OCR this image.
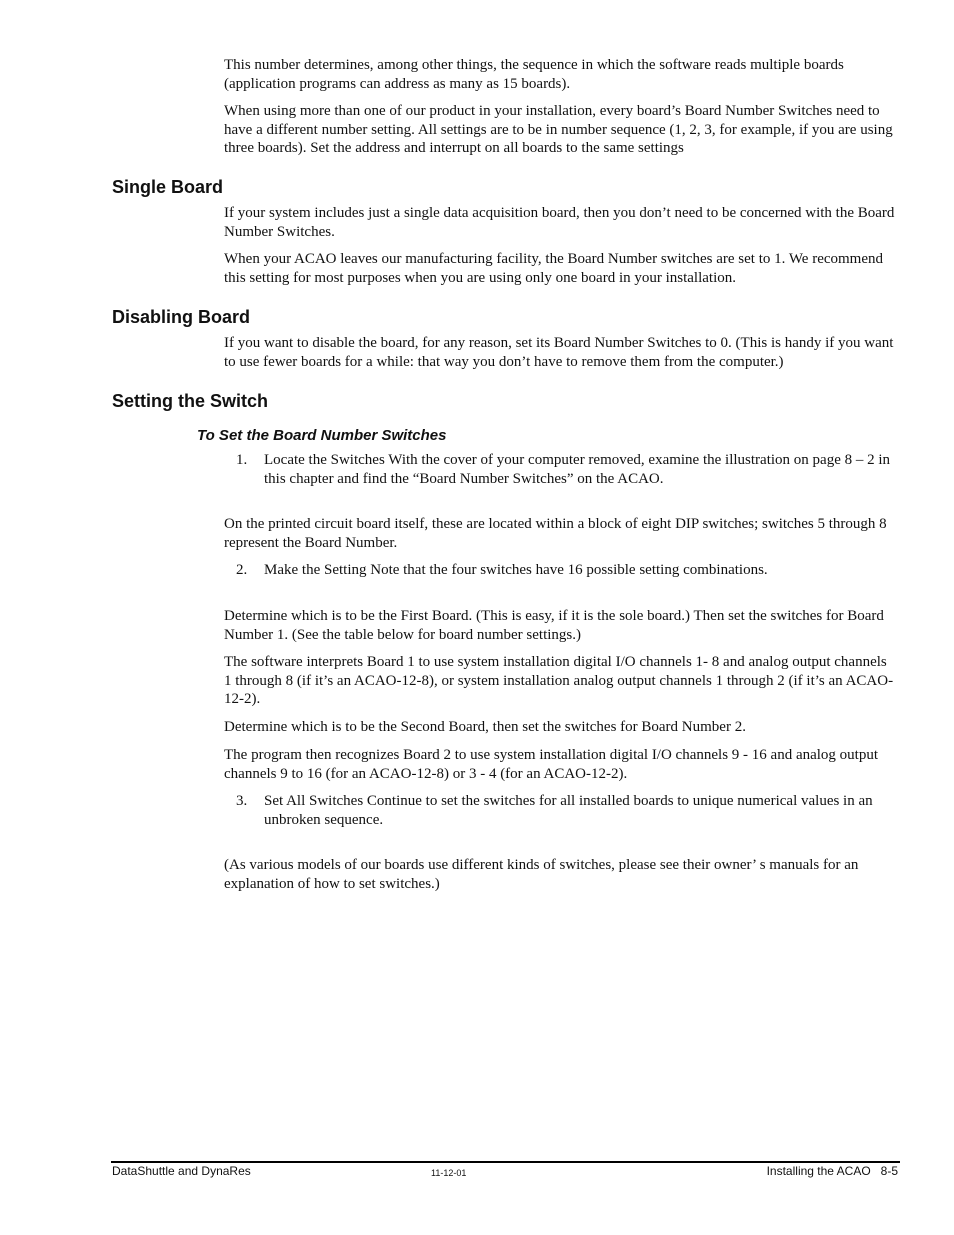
This number determines, among other things, the sequence in which the software reads multiple boards (application programs can address as many as 15 boards).

When using more than one of our product in your installation, every board’s Board Number Switches need to have a different number setting. All settings are to be in number sequence (1, 2, 3, for example, if you are using three boards). Set the address and interrupt on all boards to the same settings

Single Board

If your system includes just a single data acquisition board, then you don’t need to be concerned with the Board Number Switches.

When your ACAO leaves our manufacturing facility, the Board Number switches are set to 1. We recommend this setting for most purposes when you are using only one board in your installation.

Disabling Board

If you want to disable the board, for any reason, set its Board Number Switches to 0. (This is handy if you want to use fewer boards for a while: that way you don’t have to remove them from the computer.)

Setting the Switch
To Set the Board Number Switches
1. Locate the Switches With the cover of your computer removed, examine the illustration on page 8 – 2 in this chapter and find the “Board Number Switches” on the ACAO.

On the printed circuit board itself, these are located within a block of eight DIP switches; switches 5 through 8 represent the Board Number.

2. Make the Setting Note that the four switches have 16 possible setting combinations.

Determine which is to be the First Board. (This is easy, if it is the sole board.) Then set the switches for Board Number 1. (See the table below for board number settings.)

The software interprets Board 1 to use system installation digital I/O channels 1- 8 and analog output channels 1 through 8 (if it’s an ACAO-12-8), or system installation analog output channels 1 through 2 (if it’s an ACAO-12-2).

Determine which is to be the Second Board, then set the switches for Board Number 2.

The program then recognizes Board 2 to use system installation digital I/O channels 9 - 16 and analog output channels 9 to 16 (for an ACAO-12-8) or 3 - 4 (for an ACAO-12-2).

3. Set All Switches Continue to set the switches for all installed boards to unique numerical values in an unbroken sequence.

(As various models of our boards use different kinds of switches, please see their owner’ s manuals for an explanation of how to set switches.)

DataShuttle and DynaRes	11-12-01	Installing the ACAO   8-5
